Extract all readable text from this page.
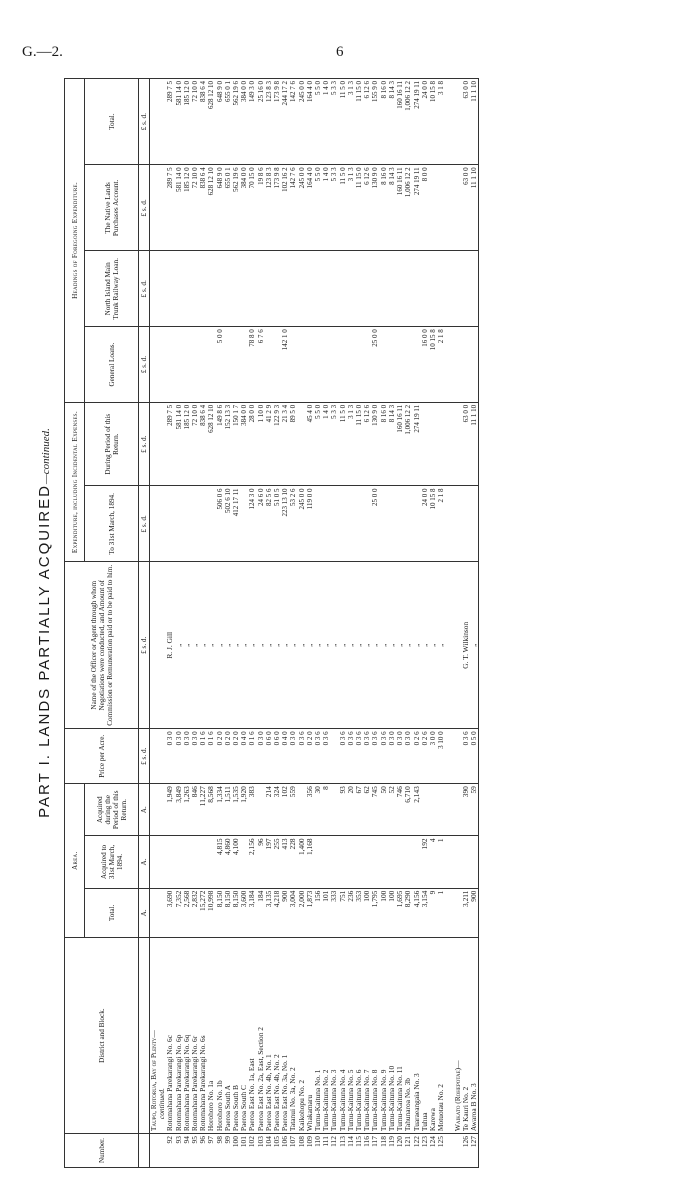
G.—2.	6
PART I. LANDS PARTIALLY ACQUIRED—continued.
Number.	District and Block.	Area.			Price per Acre.	Name of the Officer or Agent through whom Negotiations were conducted, and Amount of Commission or Remuneration paid or to be paid to him.	Expenditure, including Incidental Expenses.		Headings of Foregoing Expenditure.			
		Total.	Acquired to 31st March, 1894.	Acquired during the Period of this Return.			To 31st March, 1894.	During Period of this Return.	General Loans.	North Island Main Trunk Railway Loan.	The Native Lands Purchases Account.	Total.
		A.	A.	A.	£ s. d.	£ s. d.	£ s. d.	£ s. d.	£ s. d.	£ s. d.	£ s. d.	£ s. d.
	Taupo, Rotorua, Bay of Plenty—											
	continued.											
92	Rotomahana Parekarangi No. 6c	3,690		1,949	0 3 0	R. J. Gill		289 7 5			289 7 5	289 7 5
93	Rotomahana Parekarangi No. 6p	7,352		3,849	0 3 0	„		581 14 0			581 14 0	581 14 0
94	Rotomahana Parekarangi No. 6q	2,568		1,263	0 3 0	„		185 12 0			185 12 0	185 12 0
95	Rotomahana Parekarangi No. 6r	2,832		846	0 3 0	„		72 10 0			72 10 0	72 10 0
96	Rotomahana Parekarangi No. 6s	15,272		11,227	0 1 6	„		838 6 4			838 6 4	838 6 4
97	Horohoro No. 1a	10,998		8,568	0 1 6	„		628 12 10			628 12 10	628 12 10
98	Horohoro No. 1b	8,150	4,815	1,334	0 2 0	„	506 0 6	149 8 6	5 0 0		648 9 0	648 9 0
99	Paeroa South A	8,150	4,860	1,511	0 2 0	„	502 6 10	152 13 3			655 0 1	655 0 1
100	Paeroa South B	8,150	4,100	1,535	0 2 0	„	412 17 11	150 1 7			562 19 6	562 19 6
101	Paeroa South C	3,600		1,920	0 4 0	„		384 0 0			384 0 0	384 0 0
102	Paeroa East No. 1a, East	3,184	2,156	383	0 1 6	„	124 3 0	28 0 0	78 8 0		70 15 0	149 3 0
103	Paeroa East No. 2a, East, Section 2	184	96		0 3 0	„	24 6 0	1 10 0	6 7 6		19 8 6	25 16 0
104	Paeroa East No. 4b, No. 1	3,135	197	214	0 6 0	„	82 5 6	41 2 9			123 8 3	123 8 3
105	Paeroa East No. 4b, No. 2	4,218	255	324	0 6 0	„	51 0 5	122 9 3			173 9 8	173 9 8
106	Paeroa East No. 3a, No. 1	900	413	102	0 4 0	„	223 13 10	21 3 4	142 1 0		102 16 2	244 17 2
107	Tatanui No. 3a, No. 2	3,004	228	559	0 3 0	„	53 2 6	89 5 0			142 7 6	142 7 6
108	Kaikohopu No. 2	2,000	1,400		0 3 6	„	245 0 0				245 0 0	245 0 0
109	Whakamaru	1,873	1,168	356	0 2 0	„	119 0 0	45 4 0			164 4 0	164 4 0
110	Tumu-Kaituna No. 1	156		30	0 3 6	„		5 5 0			5 5 0	5 5 0
111	Tumu-Kaituna No. 2	101		8	0 3 6	„		1 4 0			1 4 0	1 4 0
112	Tumu-Kaituna No. 3	333				„		5 3 3			5 3 3	5 3 3
113	Tumu-Kaituna No. 4	751		93	0 3 6	„		11 5 0			11 5 0	11 5 0
114	Tumu-Kaituna No. 5	236		20	0 3 6	„		3 1 3			3 1 3	3 1 3
115	Tumu-Kaituna No. 6	353		67	0 3 6	„		11 15 0			11 15 0	11 15 0
116	Tumu-Kaituna No. 7	100		62	0 3 6	„		6 12 6			6 12 6	6 12 6
117	Tumu-Kaituna No. 8	1,795		745	0 3 6	„	25 0 0	130 9 0	25 0 0		130 9 0	155 9 0
118	Tumu-Kaituna No. 9	100		50	0 3 6	„		8 16 0			8 16 0	8 16 0
119	Tumu-Kaituna No. 10	100		52	0 3 0	„		8 14 3			8 14 3	8 14 3
120	Tumu-Kaituna No. 11	1,695		746	0 3 0	„		160 16 11			160 16 11	160 16 11
121	Tahunaroa No. 3b	8,290		6,710	0 3 0	„		1,006 12 2			1,006 12 2	1,006 12 2
122	Tuaraeangaia No. 3	4,156		2,143	0 2 6	„		274 19 11			274 19 11	274 19 11
123	Tuhua	3,154	192		0 2 6	„	24 0 0		16 0 0		8 0 0	24 0 0
124	Karewa	9	4		3 0 0	„	10 15 8		10 15 8			10 15 8
125	Motuotau No. 2	1	1		3 10 0	„	2 1 8		2 1 8			3 1 8

	Waikato (Rohepotae)—											
126	Te Kauri No. 2	3,211		390	0 3 6	G. T. Wilkinson		63 0 0			63 0 0	63 0 0
127	Awaroa B No. 3	900		59	0 5 0	„		11 1 10			11 1 10	11 1 10
